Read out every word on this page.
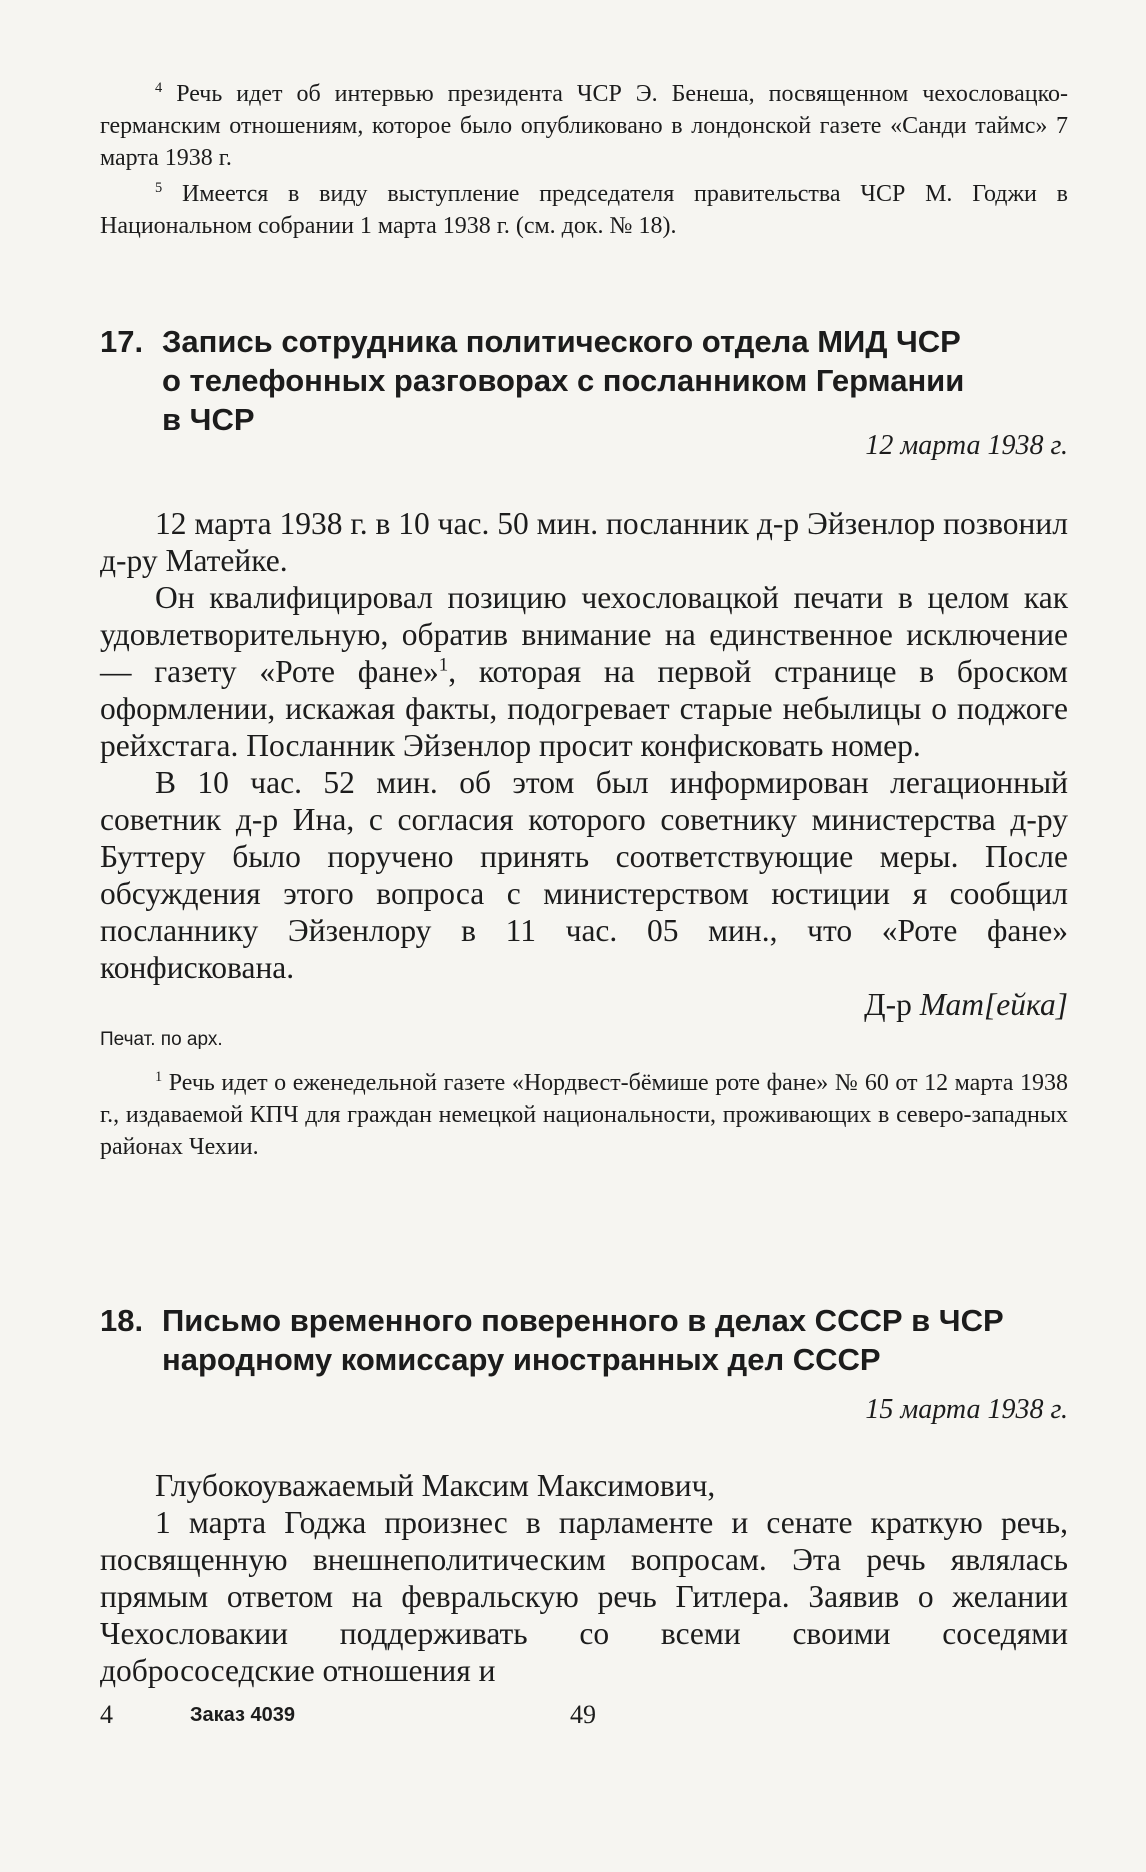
$^4$ Речь идет об интервью президента ЧСР Э. Бенеша, посвященном чехословацко-германским отношениям, которое было опубликовано в лондонской газете «Санди таймс» 7 марта 1938 г.

$^5$ Имеется в виду выступление председателя правительства ЧСР М. Годжи в Национальном собрании 1 марта 1938 г. (см. док. № 18).

17. Запись сотрудника политического отдела МИД ЧСР
о телефонных разговорах с посланником Германии
в ЧСР

12 марта 1938 г.

12 марта 1938 г. в 10 час. 50 мин. посланник д-р Эйзенлор позвонил д-ру Матейке.

Он квалифицировал позицию чехословацкой печати в целом как удовлетворительную, обратив внимание на единственное исключение — газету «Роте фане»$^1$, которая на первой странице в броском оформлении, искажая факты, подогревает старые небылицы о поджоге рейхстага. Посланник Эйзенлор просит конфисковать номер.

В 10 час. 52 мин. об этом был информирован легационный советник д-р Ина, с согласия которого советнику министерства д-ру Буттеру было поручено принять соответствующие меры. После обсуждения этого вопроса с министерством юстиции я сообщил посланнику Эйзенлору в 11 час. 05 мин., что «Роте фане» конфискована.

Д-р Мат[ейка]

Печат. по арх.

$^1$ Речь идет о еженедельной газете «Нордвест-бёмише роте фане» № 60 от 12 марта 1938 г., издаваемой КПЧ для граждан немецкой национальности, проживающих в северо-западных районах Чехии.

18. Письмо временного поверенного в делах СССР в ЧСР
народному комиссару иностранных дел СССР

15 марта 1938 г.

Глубокоуважаемый Максим Максимович,

1 марта Годжа произнес в парламенте и сенате краткую речь, посвященную внешнеполитическим вопросам. Эта речь являлась прямым ответом на февральскую речь Гитлера. Заявив о желании Чехословакии поддерживать со всеми своими соседями добрососедские отношения и

4	Заказ 4039	49
